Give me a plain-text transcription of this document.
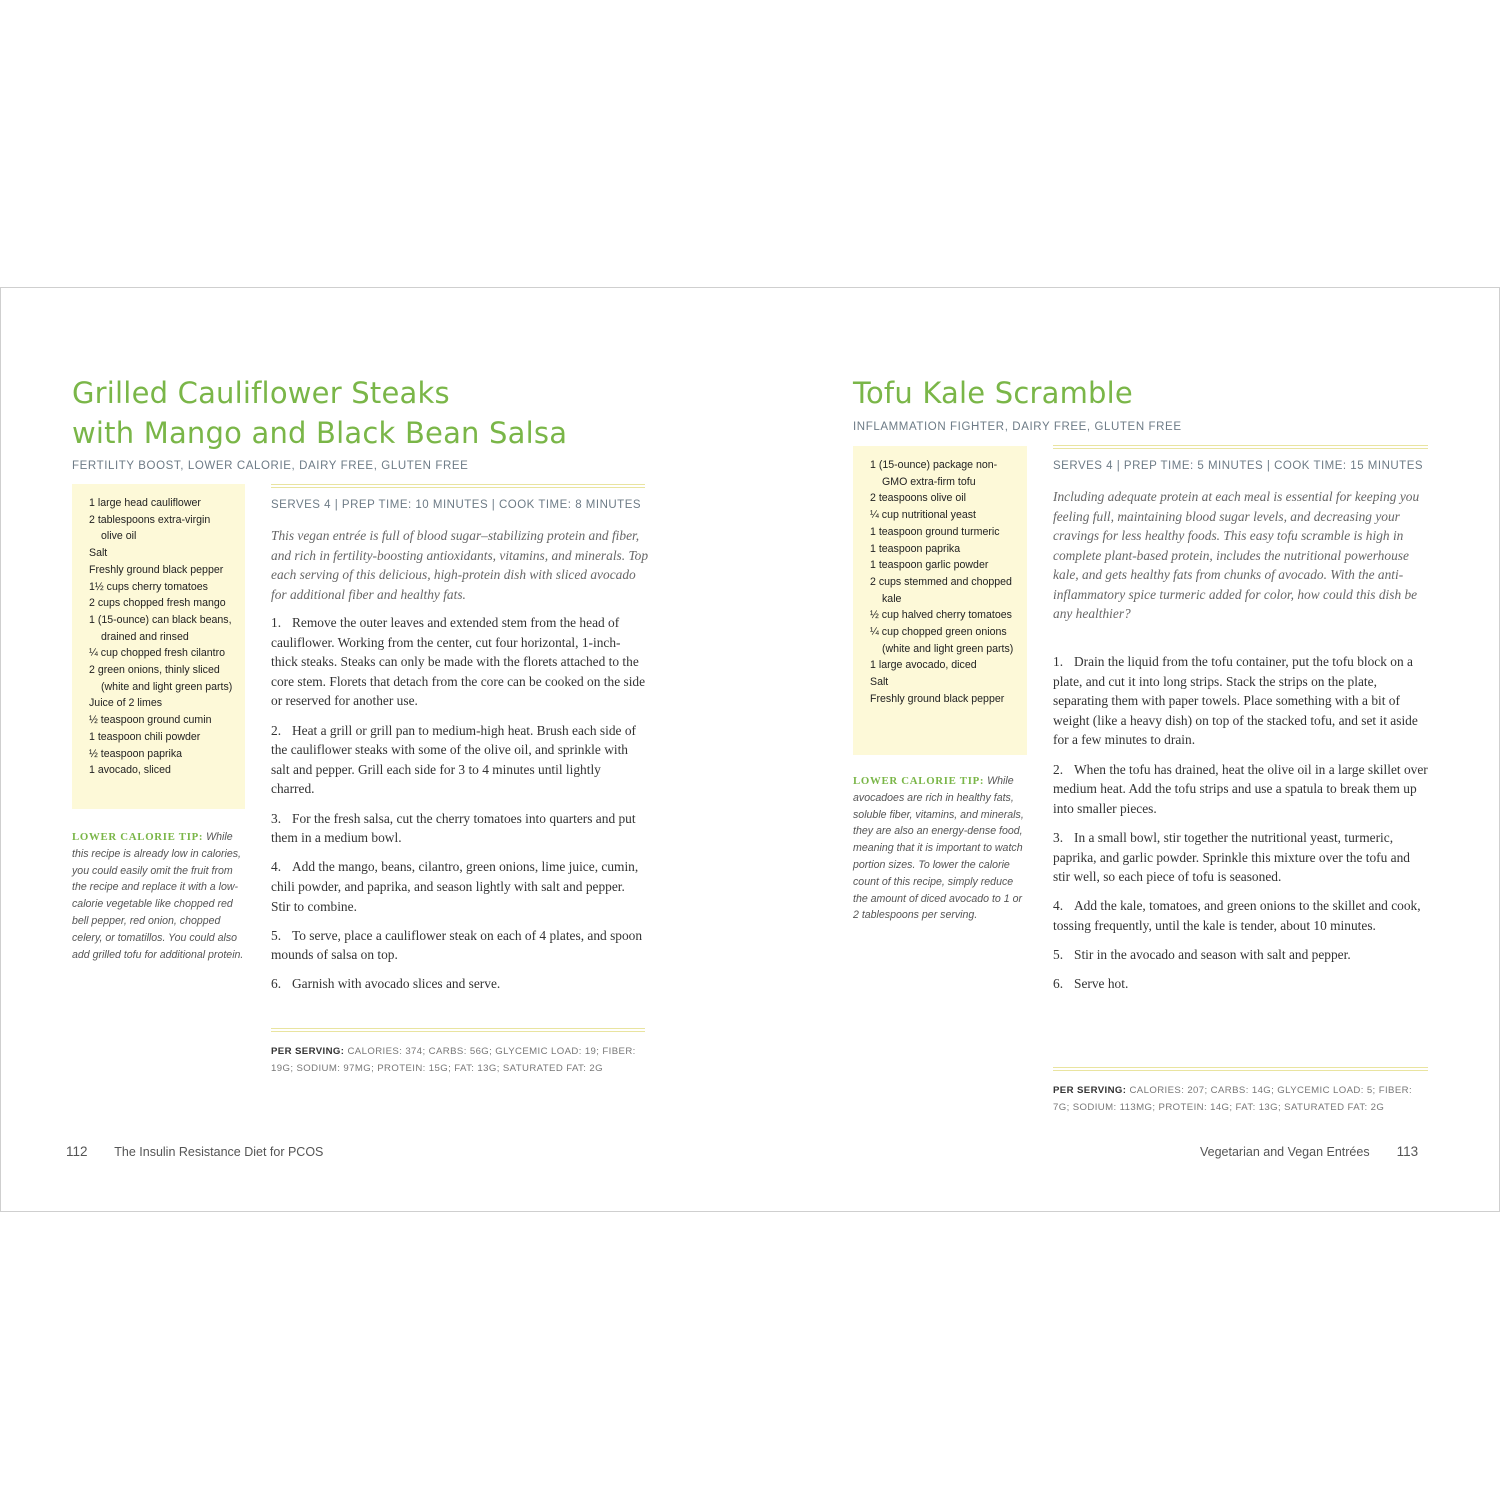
Grilled Cauliflower Steaks
with Mango and Black Bean Salsa
FERTILITY BOOST, LOWER CALORIE, DAIRY FREE, GLUTEN FREE
1 large head cauliflower
2 tablespoons extra-virgin olive oil
Salt
Freshly ground black pepper
1½ cups cherry tomatoes
2 cups chopped fresh mango
1 (15-ounce) can black beans, drained and rinsed
¼ cup chopped fresh cilantro
2 green onions, thinly sliced (white and light green parts)
Juice of 2 limes
½ teaspoon ground cumin
1 teaspoon chili powder
½ teaspoon paprika
1 avocado, sliced
LOWER CALORIE TIP: While this recipe is already low in calories, you could easily omit the fruit from the recipe and replace it with a low-calorie vegetable like chopped red bell pepper, red onion, chopped celery, or tomatillos. You could also add grilled tofu for additional protein.
SERVES 4 | PREP TIME: 10 MINUTES | COOK TIME: 8 MINUTES

This vegan entrée is full of blood sugar–stabilizing protein and fiber, and rich in fertility-boosting antioxidants, vitamins, and minerals. Top each serving of this delicious, high-protein dish with sliced avocado for additional fiber and healthy fats.

1. Remove the outer leaves and extended stem from the head of cauliflower. Working from the center, cut four horizontal, 1-inch-thick steaks. Steaks can only be made with the florets attached to the core stem. Florets that detach from the core can be cooked on the side or reserved for another use.
2. Heat a grill or grill pan to medium-high heat. Brush each side of the cauliflower steaks with some of the olive oil, and sprinkle with salt and pepper. Grill each side for 3 to 4 minutes until lightly charred.
3. For the fresh salsa, cut the cherry tomatoes into quarters and put them in a medium bowl.
4. Add the mango, beans, cilantro, green onions, lime juice, cumin, chili powder, and paprika, and season lightly with salt and pepper. Stir to combine.
5. To serve, place a cauliflower steak on each of 4 plates, and spoon mounds of salsa on top.
6. Garnish with avocado slices and serve.
PER SERVING: CALORIES: 374; CARBS: 56G; GLYCEMIC LOAD: 19; FIBER: 19G; SODIUM: 97MG; PROTEIN: 15G; FAT: 13G; SATURATED FAT: 2G
112 The Insulin Resistance Diet for PCOS
Tofu Kale Scramble
INFLAMMATION FIGHTER, DAIRY FREE, GLUTEN FREE
1 (15-ounce) package non-GMO extra-firm tofu
2 teaspoons olive oil
¼ cup nutritional yeast
1 teaspoon ground turmeric
1 teaspoon paprika
1 teaspoon garlic powder
2 cups stemmed and chopped kale
½ cup halved cherry tomatoes
¼ cup chopped green onions (white and light green parts)
1 large avocado, diced
Salt
Freshly ground black pepper
LOWER CALORIE TIP: While avocadoes are rich in healthy fats, soluble fiber, vitamins, and minerals, they are also an energy-dense food, meaning that it is important to watch portion sizes. To lower the calorie count of this recipe, simply reduce the amount of diced avocado to 1 or 2 tablespoons per serving.
SERVES 4 | PREP TIME: 5 MINUTES | COOK TIME: 15 MINUTES

Including adequate protein at each meal is essential for keeping you feeling full, maintaining blood sugar levels, and decreasing your cravings for less healthy foods. This easy tofu scramble is high in complete plant-based protein, includes the nutritional powerhouse kale, and gets healthy fats from chunks of avocado. With the anti-inflammatory spice turmeric added for color, how could this dish be any healthier?

1. Drain the liquid from the tofu container, put the tofu block on a plate, and cut it into long strips. Stack the strips on the plate, separating them with paper towels. Place something with a bit of weight (like a heavy dish) on top of the stacked tofu, and set it aside for a few minutes to drain.
2. When the tofu has drained, heat the olive oil in a large skillet over medium heat. Add the tofu strips and use a spatula to break them up into smaller pieces.
3. In a small bowl, stir together the nutritional yeast, turmeric, paprika, and garlic powder. Sprinkle this mixture over the tofu and stir well, so each piece of tofu is seasoned.
4. Add the kale, tomatoes, and green onions to the skillet and cook, tossing frequently, until the kale is tender, about 10 minutes.
5. Stir in the avocado and season with salt and pepper.
6. Serve hot.
PER SERVING: CALORIES: 207; CARBS: 14G; GLYCEMIC LOAD: 5; FIBER: 7G; SODIUM: 113MG; PROTEIN: 14G; FAT: 13G; SATURATED FAT: 2G
Vegetarian and Vegan Entrées 113
